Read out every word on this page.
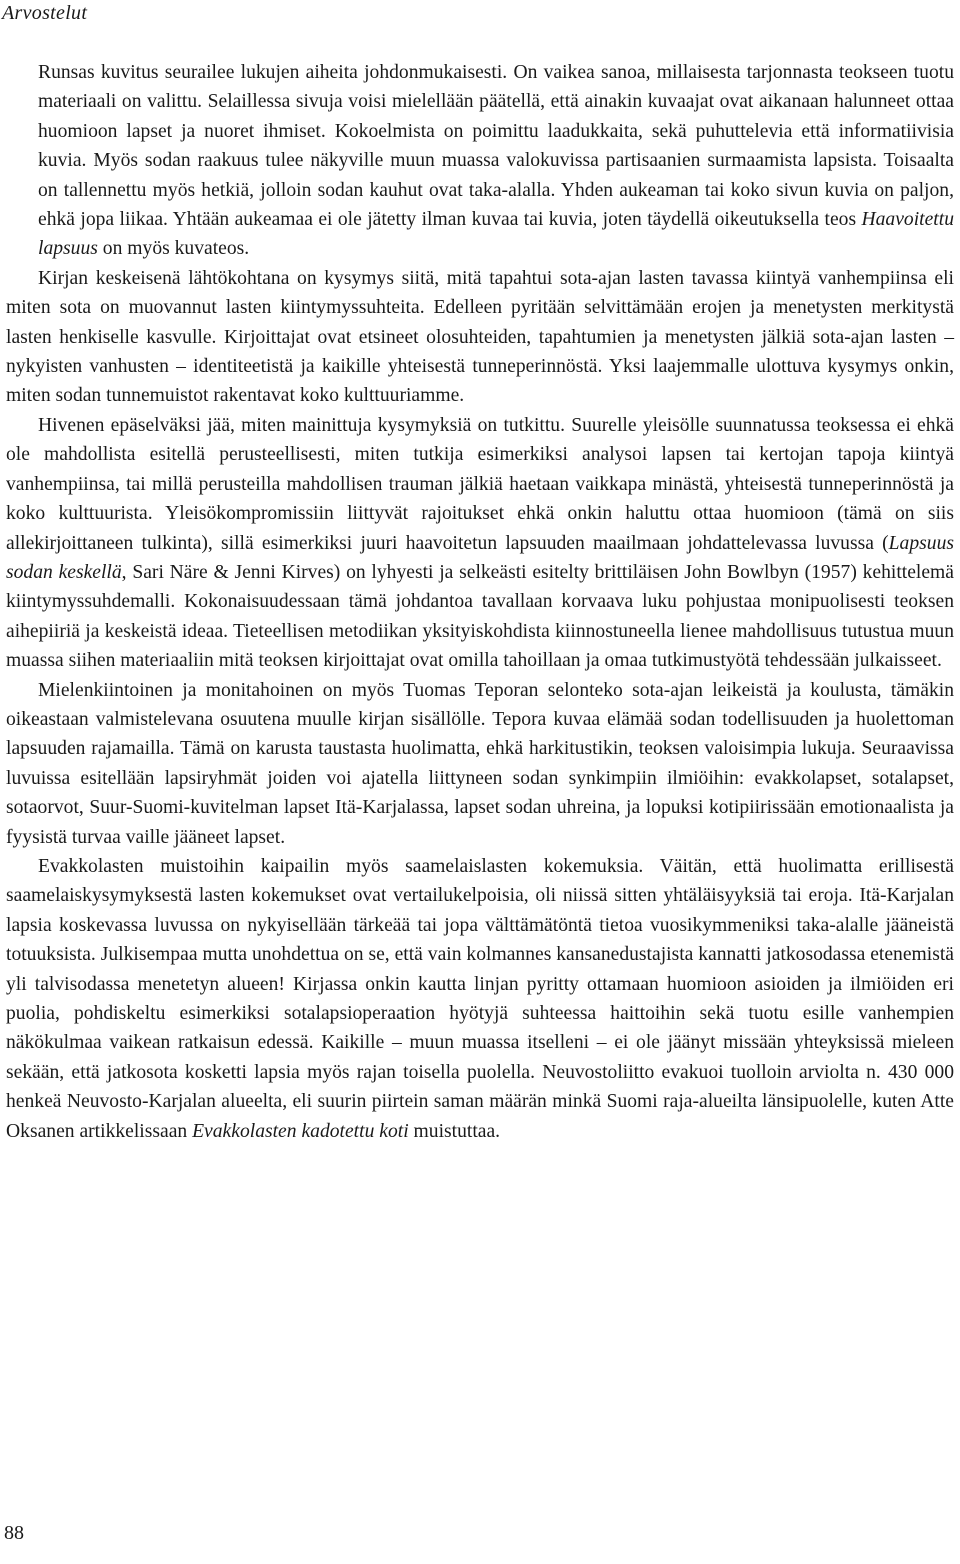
Arvostelut

Runsas kuvitus seurailee lukujen aiheita johdonmukaisesti. On vaikea sanoa, millaisesta tarjonnasta teokseen tuotu materiaali on valittu. Selaillessa sivuja voisi mielellään päätellä, että ainakin kuvaajat ovat aikanaan halunneet ottaa huomioon lapset ja nuoret ihmiset. Kokoelmista on poimittu laadukkaita, sekä puhuttelevia että informatiivisia kuvia. Myös sodan raakuus tulee näkyville muun muassa valokuvissa partisaanien surmaamista lapsista. Toisaalta on tallennettu myös hetkiä, jolloin sodan kauhut ovat taka-alalla. Yhden aukeaman tai koko sivun kuvia on paljon, ehkä jopa liikaa. Yhtään aukeamaa ei ole jätetty ilman kuvaa tai kuvia, joten täydellä oikeutuksella teos Haavoitettu lapsuus on myös kuvateos.

Kirjan keskeisenä lähtökohtana on kysymys siitä, mitä tapahtui sota-ajan lasten tavassa kiintyä vanhempiinsa eli miten sota on muovannut lasten kiintymyssuhteita. Edelleen pyritään selvittämään erojen ja menetysten merkitystä lasten henkiselle kasvulle. Kirjoittajat ovat etsineet olosuhteiden, tapahtumien ja menetysten jälkiä sota-ajan lasten – nykyisten vanhusten – identiteetistä ja kaikille yhteisestä tunneperinnöstä. Yksi laajemmalle ulottuva kysymys onkin, miten sodan tunnemuistot rakentavat koko kulttuuriamme.

Hivenen epäselväksi jää, miten mainittuja kysymyksiä on tutkittu. Suurelle yleisölle suunnatussa teoksessa ei ehkä ole mahdollista esitellä perusteellisesti, miten tutkija esimerkiksi analysoi lapsen tai kertojan tapoja kiintyä vanhempiinsa, tai millä perusteilla mahdollisen trauman jälkiä haetaan vaikkapa minästä, yhteisestä tunneperinnöstä ja koko kulttuurista. Yleisökompromissiin liittyvät rajoitukset ehkä onkin haluttu ottaa huomioon (tämä on siis allekirjoittaneen tulkinta), sillä esimerkiksi juuri haavoitetun lapsuuden maailmaan johdattelevassa luvussa (Lapsuus sodan keskellä, Sari Näre & Jenni Kirves) on lyhyesti ja selkeästi esitelty brittiläisen John Bowlbyn (1957) kehittelemä kiintymyssuhdemalli. Kokonaisuudessaan tämä johdantoa tavallaan korvaava luku pohjustaa monipuolisesti teoksen aihepiiriä ja keskeistä ideaa. Tieteellisen metodiikan yksityiskohdista kiinnostuneella lienee mahdollisuus tutustua muun muassa siihen materiaaliin mitä teoksen kirjoittajat ovat omilla tahoillaan ja omaa tutkimustyötä tehdessään julkaisseet.

Mielenkiintoinen ja monitahoinen on myös Tuomas Teporan selonteko sota-ajan leikeistä ja koulusta, tämäkin oikeastaan valmistelevana osuutena muulle kirjan sisällölle. Tepora kuvaa elämää sodan todellisuuden ja huolettoman lapsuuden rajamailla. Tämä on karusta taustasta huolimatta, ehkä harkitustikin, teoksen valoisimpia lukuja. Seuraavissa luvuissa esitellään lapsiryhmät joiden voi ajatella liittyneen sodan synkimpiin ilmiöihin: evakkolapset, sotalapset, sotaorvot, Suur-Suomi-kuvitelman lapset Itä-Karjalassa, lapset sodan uhreina, ja lopuksi kotipiirissään emotionaalista ja fyysistä turvaa vaille jääneet lapset.

Evakkolasten muistoihin kaipailin myös saamelaislasten kokemuksia. Väitän, että huolimatta erillisestä saamelaiskysymyksestä lasten kokemukset ovat vertailukelpoisia, oli niissä sitten yhtäläisyyksiä tai eroja. Itä-Karjalan lapsia koskevassa luvussa on nykyisellään tärkeää tai jopa välttämätöntä tietoa vuosikymmeniksi taka-alalle jääneistä totuuksista. Julkisempaa mutta unohdettua on se, että vain kolmannes kansanedustajista kannatti jatkosodassa etenemistä yli talvisodassa menetetyn alueen! Kirjassa onkin kautta linjan pyritty ottamaan huomioon asioiden ja ilmiöiden eri puolia, pohdiskeltu esimerkiksi sotalapsioperaation hyötyjä suhteessa haittoihin sekä tuotu esille vanhempien näkökulmaa vaikean ratkaisun edessä. Kaikille – muun muassa itselleni – ei ole jäänyt missään yhteyksissä mieleen sekään, että jatkosota kosketti lapsia myös rajan toisella puolella. Neuvostoliitto evakuoi tuolloin arviolta n. 430 000 henkeä Neuvosto-Karjalan alueelta, eli suurin piirtein saman määrän minkä Suomi raja-alueilta länsipuolelle, kuten Atte Oksanen artikkelissaan Evakkolasten kadotettu koti muistuttaa.

88
